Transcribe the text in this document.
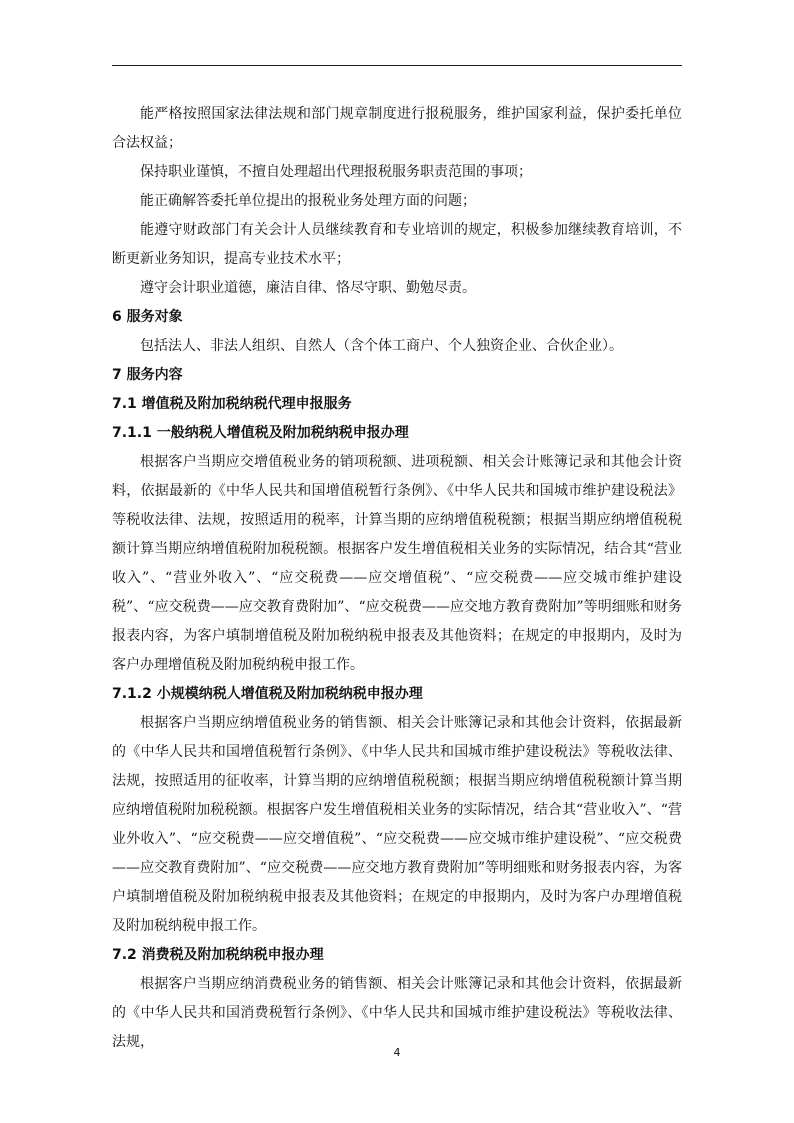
能严格按照国家法律法规和部门规章制度进行报税服务，维护国家利益，保护委托单位合法权益；

保持职业谨慎，不擅自处理超出代理报税服务职责范围的事项；

能正确解答委托单位提出的报税业务处理方面的问题；

能遵守财政部门有关会计人员继续教育和专业培训的规定，积极参加继续教育培训，不断更新业务知识，提高专业技术水平；

遵守会计职业道德，廉洁自律、恪尽守职、勤勉尽责。

6 服务对象

包括法人、非法人组织、自然人（含个体工商户、个人独资企业、合伙企业）。

7 服务内容

7.1 增值税及附加税纳税代理申报服务

7.1.1 一般纳税人增值税及附加税纳税申报办理

根据客户当期应交增值税业务的销项税额、进项税额、相关会计账簿记录和其他会计资料，依据最新的《中华人民共和国增值税暂行条例》、《中华人民共和国城市维护建设税法》等税收法律、法规，按照适用的税率，计算当期的应纳增值税税额；根据当期应纳增值税税额计算当期应纳增值税附加税税额。根据客户发生增值税相关业务的实际情况，结合其“营业收入”、“营业外收入”、“应交税费——应交增值税”、“应交税费——应交城市维护建设税”、“应交税费——应交教育费附加”、“应交税费——应交地方教育费附加”等明细账和财务报表内容，为客户填制增值税及附加税纳税申报表及其他资料；在规定的申报期内，及时为客户办理增值税及附加税纳税申报工作。

7.1.2 小规模纳税人增值税及附加税纳税申报办理

根据客户当期应纳增值税业务的销售额、相关会计账簿记录和其他会计资料，依据最新的《中华人民共和国增值税暂行条例》、《中华人民共和国城市维护建设税法》等税收法律、法规，按照适用的征收率，计算当期的应纳增值税税额；根据当期应纳增值税税额计算当期应纳增值税附加税税额。根据客户发生增值税相关业务的实际情况，结合其“营业收入”、“营业外收入”、“应交税费——应交增值税”、“应交税费——应交城市维护建设税”、“应交税费——应交教育费附加”、“应交税费——应交地方教育费附加”等明细账和财务报表内容，为客户填制增值税及附加税纳税申报表及其他资料；在规定的申报期内，及时为客户办理增值税及附加税纳税申报工作。

7.2 消费税及附加税纳税申报办理

根据客户当期应纳消费税业务的销售额、相关会计账簿记录和其他会计资料，依据最新的《中华人民共和国消费税暂行条例》、《中华人民共和国城市维护建设税法》等税收法律、法规，

4
